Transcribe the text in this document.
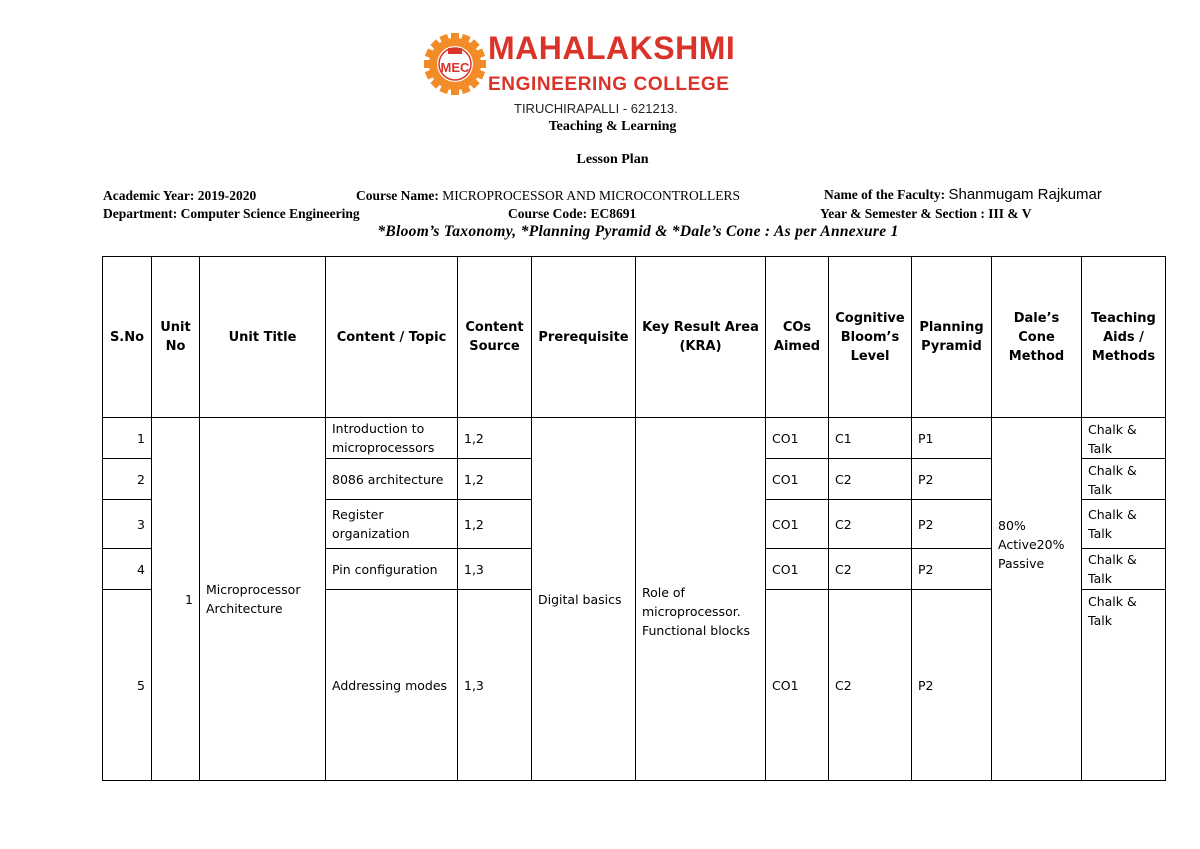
MEC
MAHALAKSHMI
ENGINEERING COLLEGE
TIRUCHIRAPALLI - 621213.
Teaching & Learning
Lesson Plan
Academic Year: 2019-2020	Course Name: MICROPROCESSOR AND MICROCONTROLLERS	Name of the Faculty: Shanmugam Rajkumar
Department: Computer Science Engineering	Course Code: EC8691	Year & Semester & Section : III & V
*Bloom’s Taxonomy, *Planning Pyramid & *Dale’s Cone : As per Annexure 1
S.No	Unit No	Unit Title	Content / Topic	Content Source	Prerequisite	Key Result Area (KRA)	COs Aimed	Cognitive Bloom’s Level	Planning Pyramid	Dale’s Cone Method	Teaching Aids / Methods
1	1	Microprocessor Architecture	Introduction to microprocessors	1,2	Digital basics	Role of microprocessor. Functional blocks	CO1	C1	P1	80% Active20% Passive	Chalk & Talk
2			8086 architecture	1,2			CO1	C2	P2		Chalk & Talk
3			Register organization	1,2			CO1	C2	P2		Chalk & Talk
4			Pin configuration	1,3			CO1	C2	P2		Chalk & Talk
5			Addressing modes	1,3			CO1	C2	P2		Chalk & Talk
